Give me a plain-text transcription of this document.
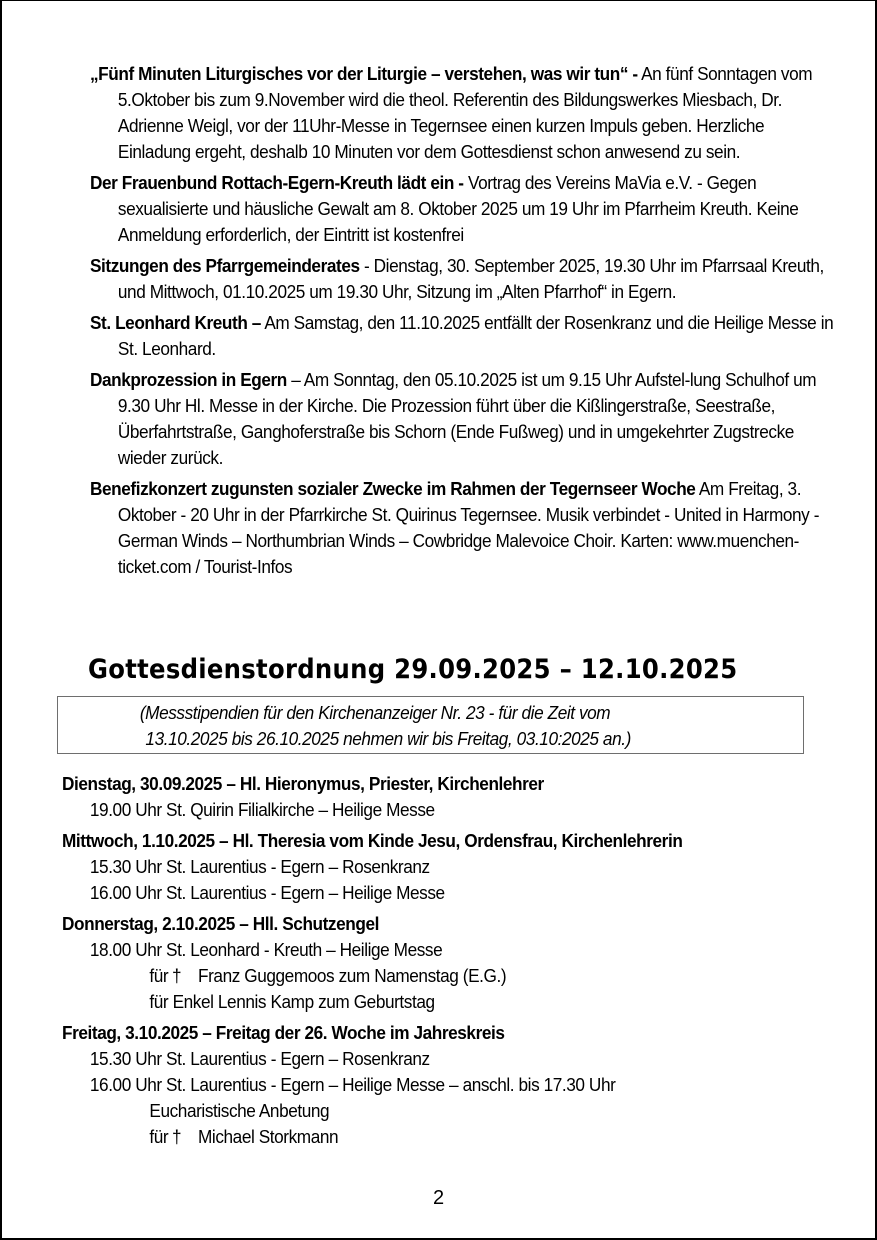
„Fünf Minuten Liturgisches vor der Liturgie – verstehen, was wir tun“ - An fünf Sonntagen vom 5.Oktober bis zum 9.November wird die theol. Referentin des Bildungswerkes Miesbach, Dr. Adrienne Weigl, vor der 11Uhr-Messe in Tegernsee einen kurzen Impuls geben. Herzliche Einladung ergeht, deshalb 10 Minuten vor dem Gottesdienst schon anwesend zu sein.
Der Frauenbund Rottach-Egern-Kreuth lädt ein - Vortrag des Vereins MaVia e.V. - Gegen sexualisierte und häusliche Gewalt am 8. Oktober 2025 um 19 Uhr im Pfarrheim Kreuth. Keine Anmeldung erforderlich, der Eintritt ist kostenfrei
Sitzungen des Pfarrgemeinderates - Dienstag, 30. September 2025, 19.30 Uhr im Pfarrsaal Kreuth, und Mittwoch, 01.10.2025 um 19.30 Uhr, Sitzung im „Alten Pfarrhof“ in Egern.
St. Leonhard Kreuth – Am Samstag, den 11.10.2025 entfällt der Rosenkranz und die Heilige Messe in St. Leonhard.
Dankprozession in Egern – Am Sonntag, den 05.10.2025 ist um 9.15 Uhr Aufstel-lung Schulhof um 9.30 Uhr Hl. Messe in der Kirche. Die Prozession führt über die Kißlingerstraße, Seestraße, Überfahrtstraße, Ganghoferstraße bis Schorn (Ende Fußweg) und in umgekehrter Zugstrecke wieder zurück.
Benefizkonzert zugunsten sozialer Zwecke im Rahmen der Tegernseer Woche Am Freitag, 3. Oktober - 20 Uhr in der Pfarrkirche St. Quirinus Tegernsee. Musik verbindet - United in Harmony - German Winds – Northumbrian Winds – Cowbridge Malevoice Choir. Karten: www.muenchen-ticket.com / Tourist-Infos
Gottesdienstordnung 29.09.2025 – 12.10.2025
(Messstipendien für den Kirchenanzeiger Nr. 23 - für die Zeit vom
13.10.2025 bis 26.10.2025 nehmen wir bis Freitag, 03.10:2025 an.)
Dienstag, 30.09.2025 – Hl. Hieronymus, Priester, Kirchenlehrer
19.00 Uhr St. Quirin Filialkirche – Heilige Messe
Mittwoch, 1.10.2025 – Hl. Theresia vom Kinde Jesu, Ordensfrau, Kirchenlehrerin
15.30 Uhr St. Laurentius - Egern – Rosenkranz
16.00 Uhr St. Laurentius - Egern – Heilige Messe
Donnerstag, 2.10.2025 – Hll. Schutzengel
18.00 Uhr St. Leonhard - Kreuth – Heilige Messe
für † Franz Guggemoos zum Namenstag (E.G.)
für Enkel Lennis Kamp zum Geburtstag
Freitag, 3.10.2025 – Freitag der 26. Woche im Jahreskreis
15.30 Uhr St. Laurentius - Egern – Rosenkranz
16.00 Uhr St. Laurentius - Egern – Heilige Messe – anschl. bis 17.30 Uhr
Eucharistische Anbetung
für † Michael Storkmann
2
